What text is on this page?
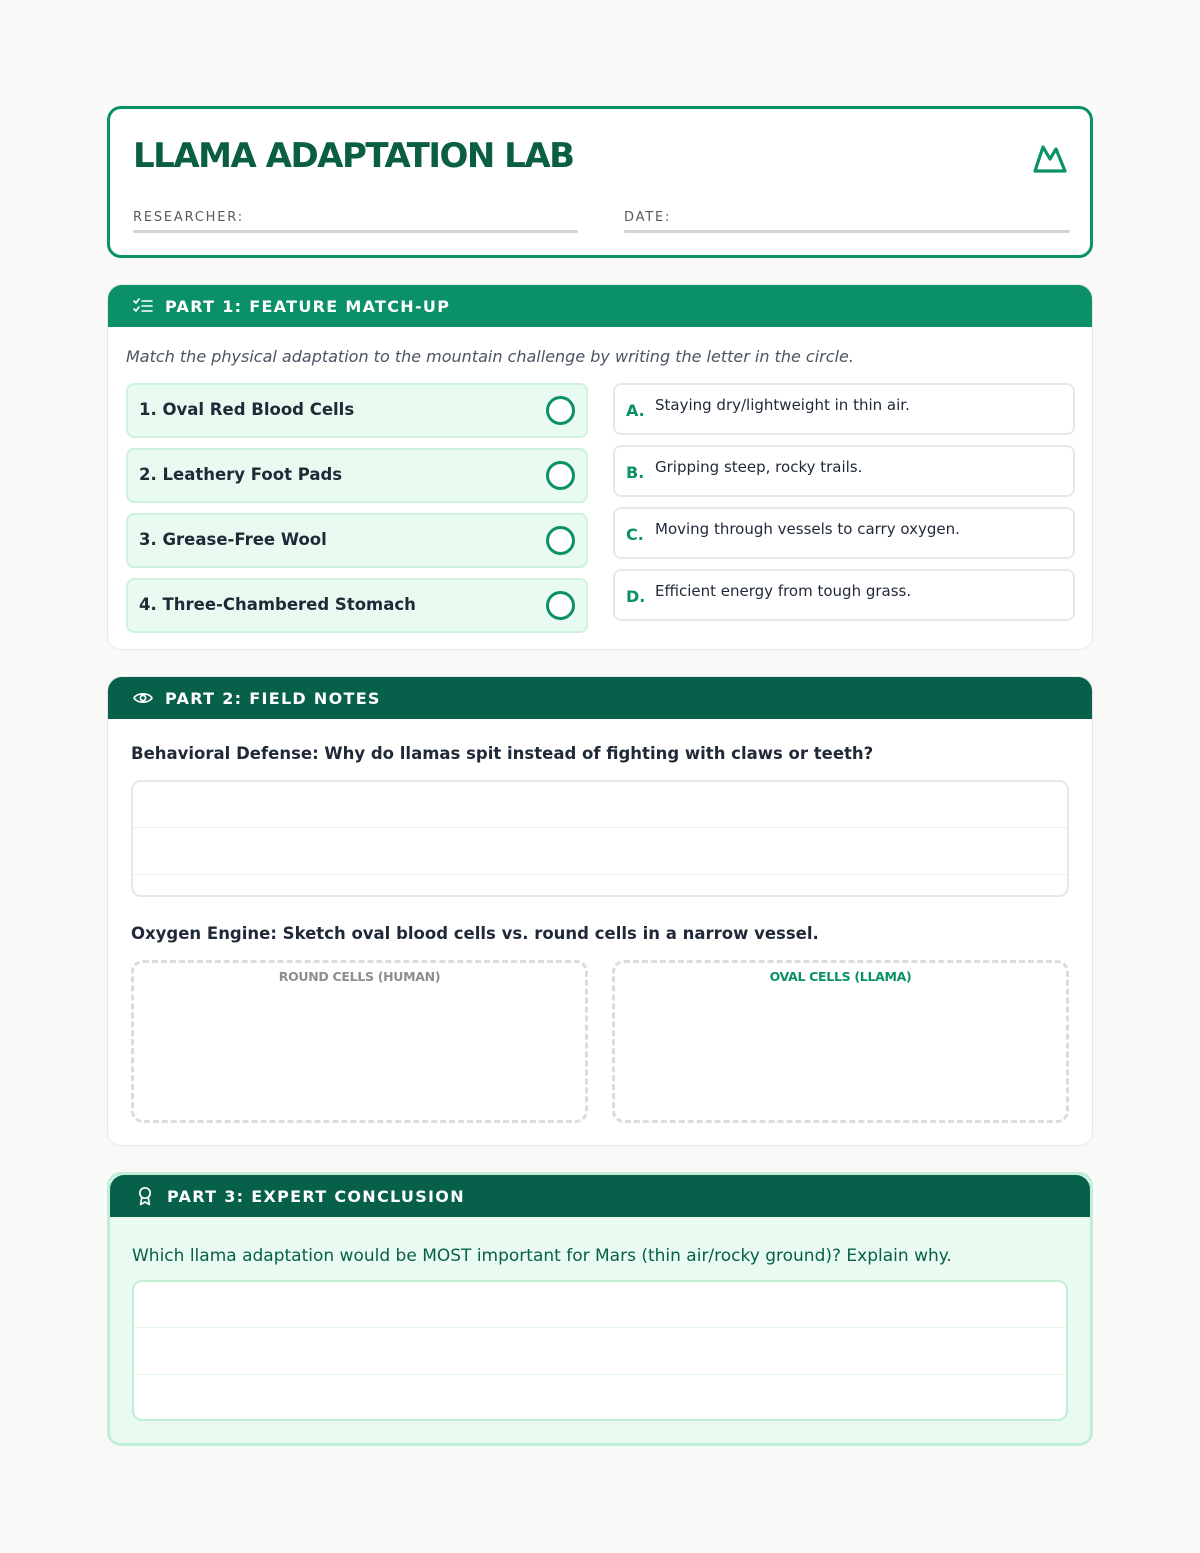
LLAMA ADAPTATION LAB
RESEARCHER:	DATE:
PART 1: FEATURE MATCH-UP
Match the physical adaptation to the mountain challenge by writing the letter in the circle.
1. Oval Red Blood Cells
2. Leathery Foot Pads
3. Grease-Free Wool
4. Three-Chambered Stomach
A. Staying dry/lightweight in thin air.
B. Gripping steep, rocky trails.
C. Moving through vessels to carry oxygen.
D. Efficient energy from tough grass.
PART 2: FIELD NOTES
Behavioral Defense: Why do llamas spit instead of fighting with claws or teeth?
Oxygen Engine: Sketch oval blood cells vs. round cells in a narrow vessel.
ROUND CELLS (HUMAN)	OVAL CELLS (LLAMA)
PART 3: EXPERT CONCLUSION
Which llama adaptation would be MOST important for Mars (thin air/rocky ground)? Explain why.
